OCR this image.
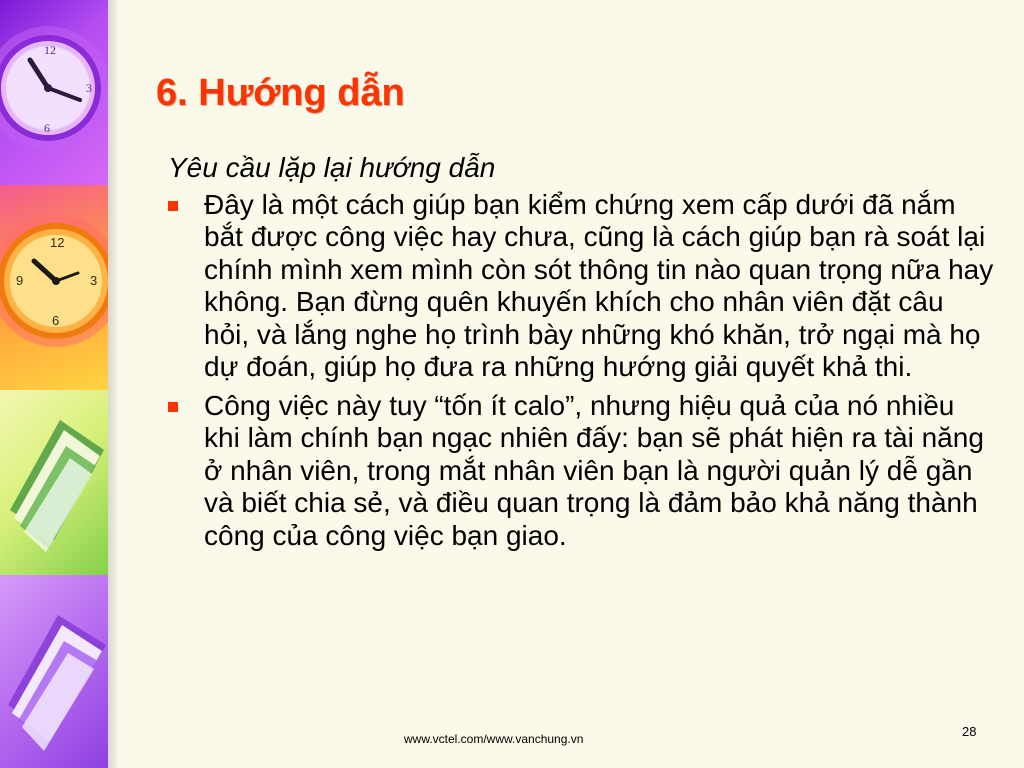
3
12
6
12
3
6
9
6. Hướng dẫn

Yêu cầu lặp lại hướng dẫn

Đây là một cách giúp bạn kiểm chứng xem cấp dưới đã nắm bắt được công việc hay chưa, cũng là cách giúp bạn rà soát lại chính mình xem mình còn sót thông tin nào quan trọng nữa hay không. Bạn đừng quên khuyến khích cho nhân viên đặt câu hỏi, và lắng nghe họ trình bày những khó khăn, trở ngại mà họ dự đoán, giúp họ đưa ra những hướng giải quyết khả thi.
Công việc này tuy “tốn ít calo”, nhưng hiệu quả của nó nhiều khi làm chính bạn ngạc nhiên đấy: bạn sẽ phát hiện ra tài năng ở nhân viên, trong mắt nhân viên bạn là người quản lý dễ gần và biết chia sẻ, và điều quan trọng là đảm bảo khả năng thành công của công việc bạn giao.
www.vctel.com/www.vanchung.vn	28
